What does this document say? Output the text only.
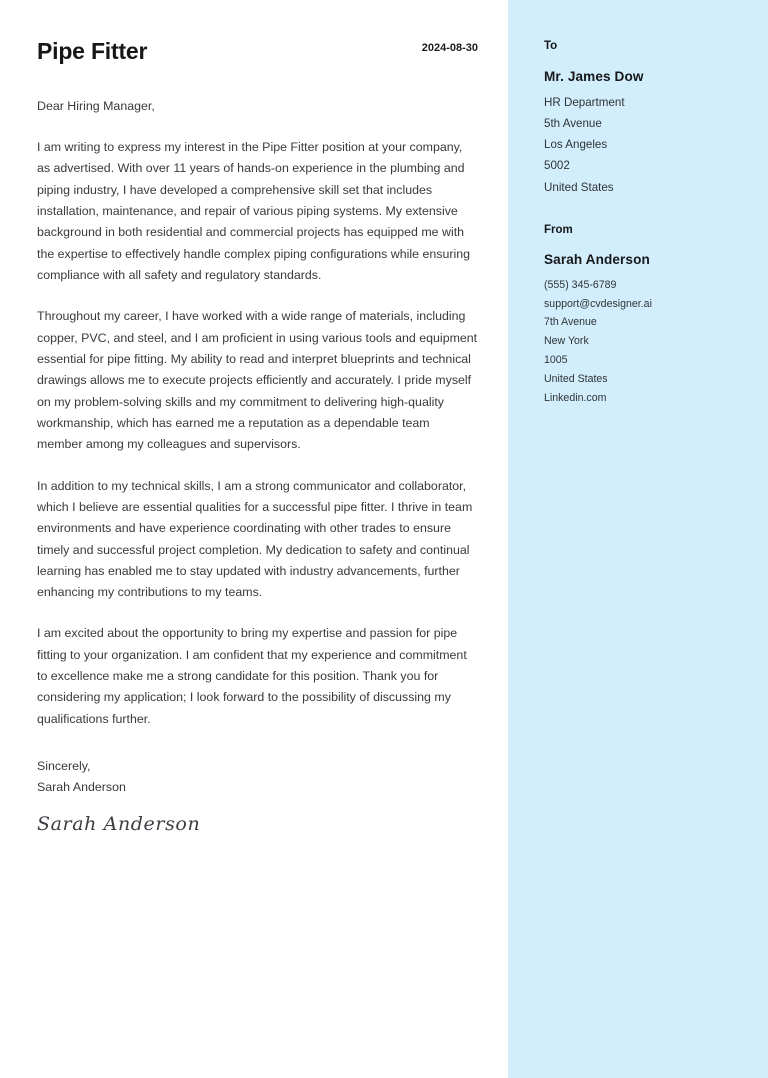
Pipe Fitter	2024-08-30

Dear Hiring Manager,

I am writing to express my interest in the Pipe Fitter position at your company, as advertised. With over 11 years of hands-on experience in the plumbing and piping industry, I have developed a comprehensive skill set that includes installation, maintenance, and repair of various piping systems. My extensive background in both residential and commercial projects has equipped me with the expertise to effectively handle complex piping configurations while ensuring compliance with all safety and regulatory standards.

Throughout my career, I have worked with a wide range of materials, including copper, PVC, and steel, and I am proficient in using various tools and equipment essential for pipe fitting. My ability to read and interpret blueprints and technical drawings allows me to execute projects efficiently and accurately. I pride myself on my problem-solving skills and my commitment to delivering high-quality workmanship, which has earned me a reputation as a dependable team member among my colleagues and supervisors.

In addition to my technical skills, I am a strong communicator and collaborator, which I believe are essential qualities for a successful pipe fitter. I thrive in team environments and have experience coordinating with other trades to ensure timely and successful project completion. My dedication to safety and continual learning has enabled me to stay updated with industry advancements, further enhancing my contributions to my teams.

I am excited about the opportunity to bring my expertise and passion for pipe fitting to your organization. I am confident that my experience and commitment to excellence make me a strong candidate for this position. Thank you for considering my application; I look forward to the possibility of discussing my qualifications further.

Sincerely,

Sarah Anderson

Sarah Anderson
To
Mr. James Dow
HR Department
5th Avenue
Los Angeles
5002
United States
From
Sarah Anderson
(555) 345-6789
support@cvdesigner.ai
7th Avenue
New York
1005
United States
Linkedin.com
